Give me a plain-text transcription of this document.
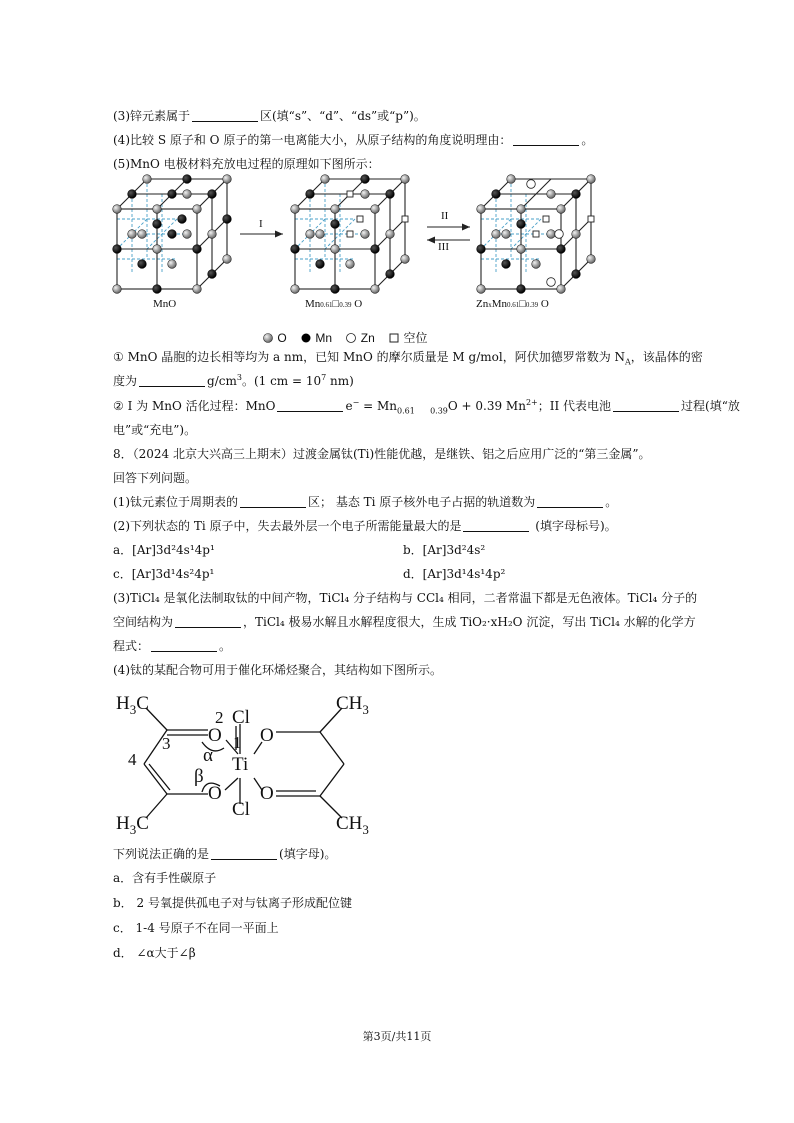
(3)锌元素属于	区(填“s”、“d”、“ds”或“p”)。
(4)比较 S 原子和 O 原子的第一电离能大小，从原子结构的角度说明理由：	。
(5)MnO 电极材料充放电过程的原理如下图所示：
I
II
III
MnO	Mn0.61□0.39 O	ZnxMn0.61□0.39 O
O Mn Zn 空位
① MnO 晶胞的边长相等均为 a nm，已知 MnO 的摩尔质量是 M g/mol，阿伏加德罗常数为 $N_A$，该晶体的密
度为	$g/cm^3$。(1 cm = $10^7$ nm)
② I 为 MnO 活化过程：MnO	$e^- = Mn_{0.61}$ $_{0.39}$O + 0.39 $Mn^{2+}$；II 代表电池	过程(填“放
电”或“充电”)。
8．（2024 北京大兴高三上期末）过渡金属钛(Ti)性能优越，是继铁、铝之后应用广泛的“第三金属”。
回答下列问题。
(1)钛元素位于周期表的	区； 基态 Ti 原子核外电子占据的轨道数为	。
(2)下列状态的 Ti 原子中，失去最外层一个电子所需能量最大的是	(填字母标号)。
a．[Ar]3d²4s¹4p¹	b．[Ar]3d²4s²
c．[Ar]3d¹4s²4p¹	d．[Ar]3d¹4s¹4p²
(3)TiCl₄ 是氧化法制取钛的中间产物，TiCl₄ 分子结构与 CCl₄ 相同，二者常温下都是无色液体。TiCl₄ 分子的
空间结构为	，TiCl₄ 极易水解且水解程度很大，生成 TiO₂·xH₂O 沉淀，写出 TiCl₄ 水解的化学方
程式：	。
(4)钛的某配合物可用于催化环烯烃聚合，其结构如下图所示。
$H_3C$	$CH_3$
$H_3C$	$CH_3$
Cl
Cl
Ti
O O
O O
1
2
3
4	α
β
下列说法正确的是	(填字母)。
a．含有手性碳原子
b． 2 号氧提供孤电子对与钛离子形成配位键
c． 1-4 号原子不在同一平面上
d． ∠α大于∠β
第3页/共11页
